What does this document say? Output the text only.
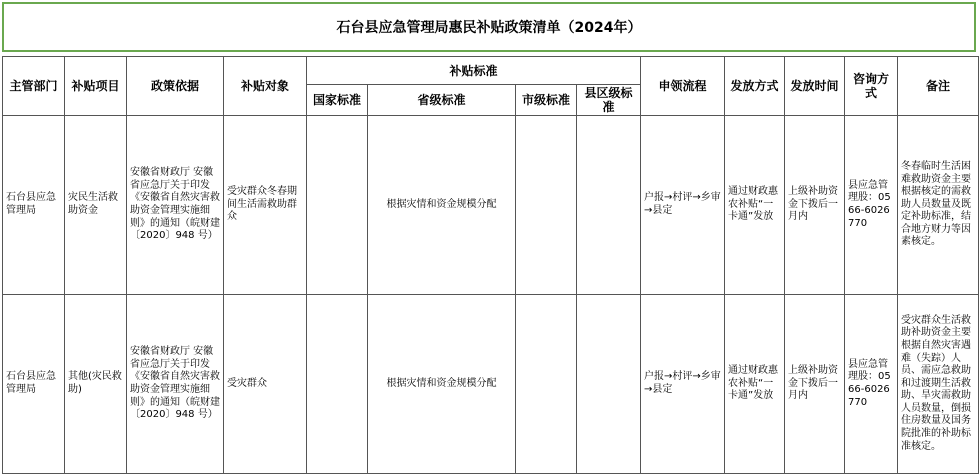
石台县应急管理局惠民补贴政策清单（2024年）
主管部门	补贴项目	政策依据	补贴对象	补贴标准				申领流程	发放方式	发放时间	咨询方式	备注
				国家标准	省级标准	市级标准	县区级标准					
石台县应急管理局	灾民生活救助资金	安徽省财政厅 安徽省应急厅关于印发《安徽省自然灾害救助资金管理实施细则》的通知（皖财建〔2020〕948 号）	受灾群众冬春期间生活需救助群众		根据灾情和资金规模分配			户报→村评→乡审→县定	通过财政惠农补贴“一卡通”发放	上级补助资金下拨后一月内	县应急管理股：0566-6026770	冬春临时生活困难救助资金主要根据核定的需救助人员数量及既定补助标准，结合地方财力等因素核定。
石台县应急管理局	其他(灾民救助)	安徽省财政厅 安徽省应急厅关于印发《安徽省自然灾害救助资金管理实施细则》的通知（皖财建〔2020〕948 号）	受灾群众		根据灾情和资金规模分配			户报→村评→乡审→县定	通过财政惠农补贴“一卡通”发放	上级补助资金下拨后一月内	县应急管理股：0566-6026770	受灾群众生活救助补助资金主要根据自然灾害遇难（失踪）人员、需应急救助和过渡期生活救助、旱灾需救助人员数量，倒损住房数量及国务院批准的补助标准核定。
